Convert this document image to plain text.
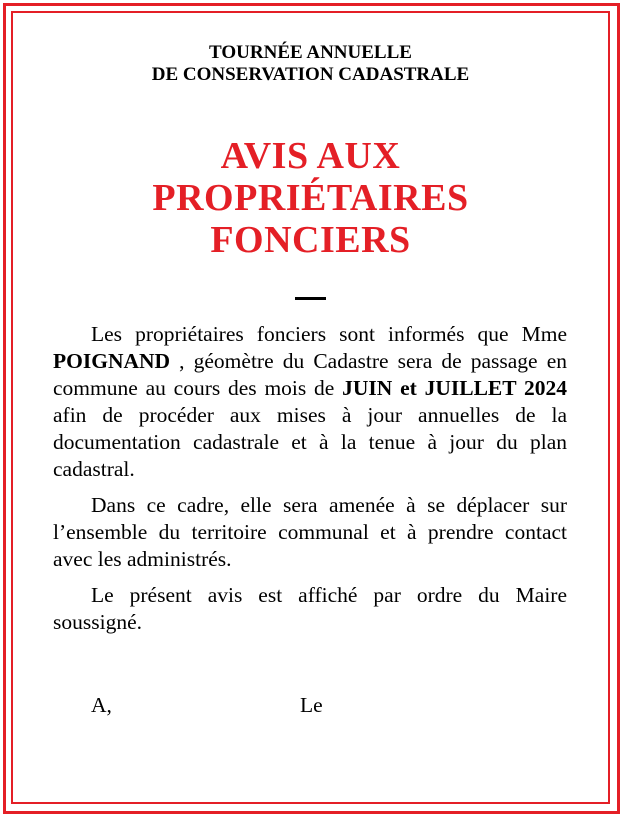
TOURNÉE ANNUELLE
DE CONSERVATION CADASTRALE
AVIS AUX
PROPRIÉTAIRES
FONCIERS

Les propriétaires fonciers sont informés que Mme POIGNAND , géomètre du Cadastre sera de passage en commune au cours des mois de JUIN et JUILLET 2024 afin de procéder aux mises à jour annuelles de la documentation cadastrale et à la tenue à jour du plan cadastral.

Dans ce cadre, elle sera amenée à se déplacer sur l’ensemble du territoire communal et à prendre contact avec les administrés.

Le présent avis est affiché par ordre du Maire soussigné.

A,	Le
